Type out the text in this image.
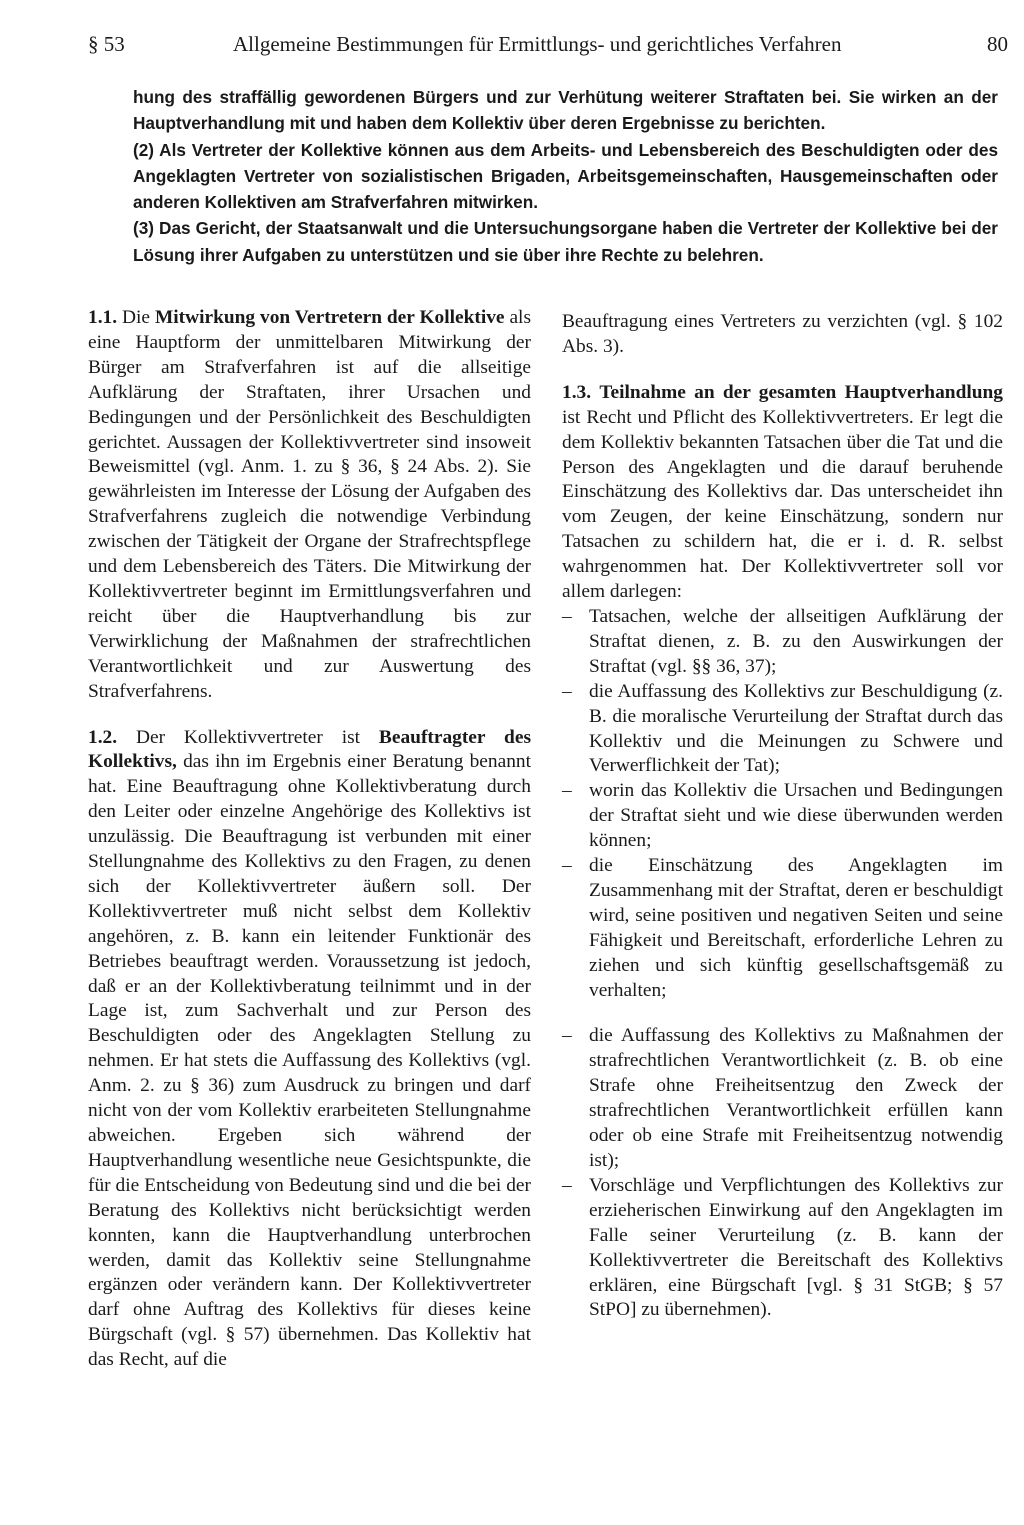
§ 53	Allgemeine Bestimmungen für Ermittlungs- und gerichtliches Verfahren	80

hung des straffällig gewordenen Bürgers und zur Verhütung weiterer Straftaten bei. Sie wirken an der Hauptverhandlung mit und haben dem Kollektiv über deren Ergebnisse zu berichten.

(2) Als Vertreter der Kollektive können aus dem Arbeits- und Lebensbereich des Beschuldigten oder des Angeklagten Vertreter von sozialistischen Brigaden, Arbeitsgemeinschaften, Hausgemeinschaften oder anderen Kollektiven am Strafverfahren mitwirken.

(3) Das Gericht, der Staatsanwalt und die Untersuchungsorgane haben die Vertreter der Kollektive bei der Lösung ihrer Aufgaben zu unterstützen und sie über ihre Rechte zu belehren.

1.1. Die Mitwirkung von Vertretern der Kollektive als eine Hauptform der unmittelbaren Mitwirkung der Bürger am Strafverfahren ist auf die allseitige Aufklärung der Straftaten, ihrer Ursachen und Bedingungen und der Persönlichkeit des Beschuldigten gerichtet. Aussagen der Kollektivvertreter sind insoweit Beweismittel (vgl. Anm. 1. zu § 36, § 24 Abs. 2). Sie gewährleisten im Interesse der Lösung der Aufgaben des Strafverfahrens zugleich die notwendige Verbindung zwischen der Tätigkeit der Organe der Strafrechtspflege und dem Lebensbereich des Täters. Die Mitwirkung der Kollektivvertreter beginnt im Ermittlungsverfahren und reicht über die Hauptverhandlung bis zur Verwirklichung der Maßnahmen der strafrechtlichen Verantwortlichkeit und zur Auswertung des Strafverfahrens.

1.2. Der Kollektivvertreter ist Beauftragter des Kollektivs, das ihn im Ergebnis einer Beratung benannt hat. Eine Beauftragung ohne Kollektivberatung durch den Leiter oder einzelne Angehörige des Kollektivs ist unzulässig. Die Beauftragung ist verbunden mit einer Stellungnahme des Kollektivs zu den Fragen, zu denen sich der Kollektivvertreter äußern soll. Der Kollektivvertreter muß nicht selbst dem Kollektiv angehören, z. B. kann ein leitender Funktionär des Betriebes beauftragt werden. Voraussetzung ist jedoch, daß er an der Kollektivberatung teilnimmt und in der Lage ist, zum Sachverhalt und zur Person des Beschuldigten oder des Angeklagten Stellung zu nehmen. Er hat stets die Auffassung des Kollektivs (vgl. Anm. 2. zu § 36) zum Ausdruck zu bringen und darf nicht von der vom Kollektiv erarbeiteten Stellungnahme abweichen. Ergeben sich während der Hauptverhandlung wesentliche neue Gesichtspunkte, die für die Entscheidung von Bedeutung sind und die bei der Beratung des Kollektivs nicht berücksichtigt werden konnten, kann die Hauptverhandlung unterbrochen werden, damit das Kollektiv seine Stellungnahme ergänzen oder verändern kann. Der Kollektivvertreter darf ohne Auftrag des Kollektivs für dieses keine Bürgschaft (vgl. § 57) übernehmen. Das Kollektiv hat das Recht, auf die

Beauftragung eines Vertreters zu verzichten (vgl. § 102 Abs. 3).

1.3. Teilnahme an der gesamten Hauptverhandlung ist Recht und Pflicht des Kollektivvertreters. Er legt die dem Kollektiv bekannten Tatsachen über die Tat und die Person des Angeklagten und die darauf beruhende Einschätzung des Kollektivs dar. Das unterscheidet ihn vom Zeugen, der keine Einschätzung, sondern nur Tatsachen zu schildern hat, die er i. d. R. selbst wahrgenommen hat. Der Kollektivvertreter soll vor allem darlegen:

– Tatsachen, welche der allseitigen Aufklärung der Straftat dienen, z. B. zu den Auswirkungen der Straftat (vgl. §§ 36, 37);
– die Auffassung des Kollektivs zur Beschuldigung (z. B. die moralische Verurteilung der Straftat durch das Kollektiv und die Meinungen zu Schwere und Verwerflichkeit der Tat);
– worin das Kollektiv die Ursachen und Bedingungen der Straftat sieht und wie diese überwunden werden können;
– die Einschätzung des Angeklagten im Zusammenhang mit der Straftat, deren er beschuldigt wird, seine positiven und negativen Seiten und seine Fähigkeit und Bereitschaft, erforderliche Lehren zu ziehen und sich künftig gesellschaftsgemäß zu verhalten;
– die Auffassung des Kollektivs zu Maßnahmen der strafrechtlichen Verantwortlichkeit (z. B. ob eine Strafe ohne Freiheitsentzug den Zweck der strafrechtlichen Verantwortlichkeit erfüllen kann oder ob eine Strafe mit Freiheitsentzug notwendig ist);
– Vorschläge und Verpflichtungen des Kollektivs zur erzieherischen Einwirkung auf den Angeklagten im Falle seiner Verurteilung (z. B. kann der Kollektivvertreter die Bereitschaft des Kollektivs erklären, eine Bürgschaft [vgl. § 31 StGB; § 57 StPO] zu übernehmen).
